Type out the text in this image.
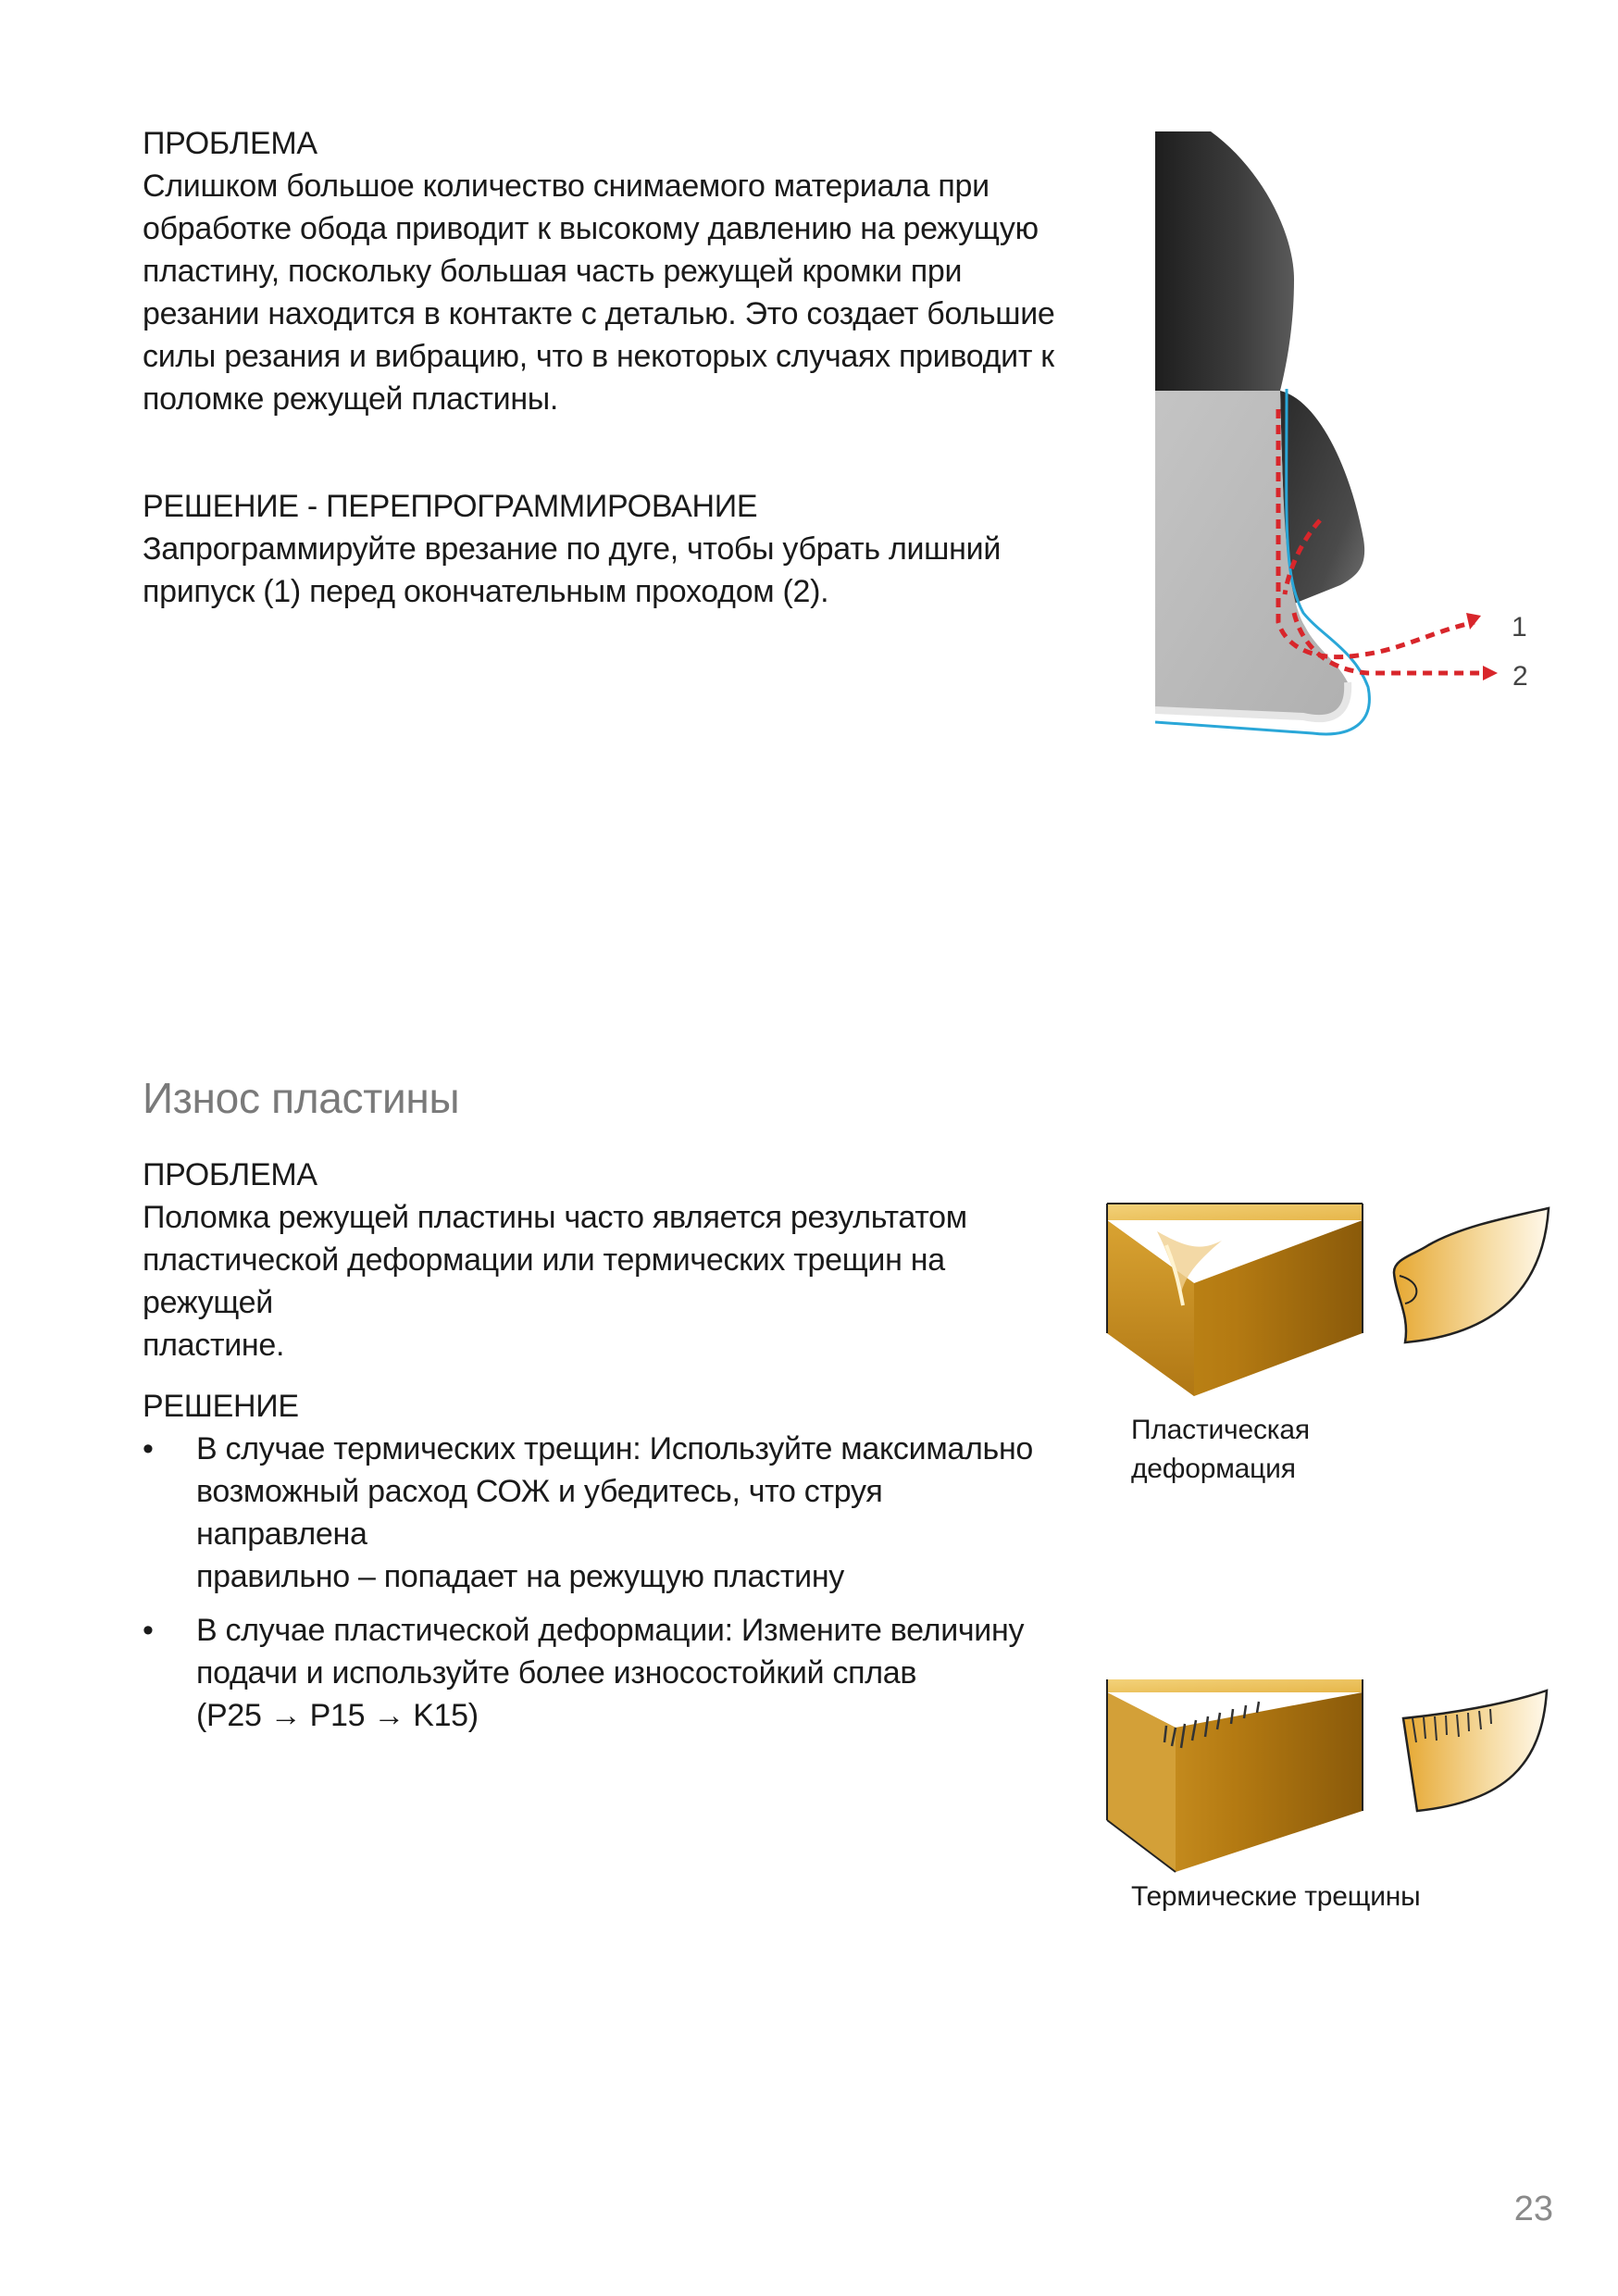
ПРОБЛЕМА

Слишком большое количество снимаемого материала при
обработке обода приводит к высокому давлению на режущую
пластину, поскольку большая часть режущей кромки при
резании находится в контакте с деталью. Это создает большие
силы резания и вибрацию, что в некоторых случаях приводит к
поломке режущей пластины.

РЕШЕНИЕ - ПЕРЕПРОГРАММИРОВАНИЕ

Запрограммируйте врезание по дуге, чтобы убрать лишний
припуск (1) перед окончательным проходом (2).

1
2
Износ пластины
ПРОБЛЕМА

Поломка режущей пластины часто является результатом
пластической деформации или термических трещин на режущей
пластине.

РЕШЕНИЕ
• В случае термических трещин: Используйте максимально
возможный расход СОЖ и убедитесь, что струя направлена
правильно – попадает на режущую пластину
• В случае пластической деформации: Измените величину
подачи и используйте более износостойкий сплав
(P25 → P15 → K15)
Пластическая
деформация
Термические трещины
23
